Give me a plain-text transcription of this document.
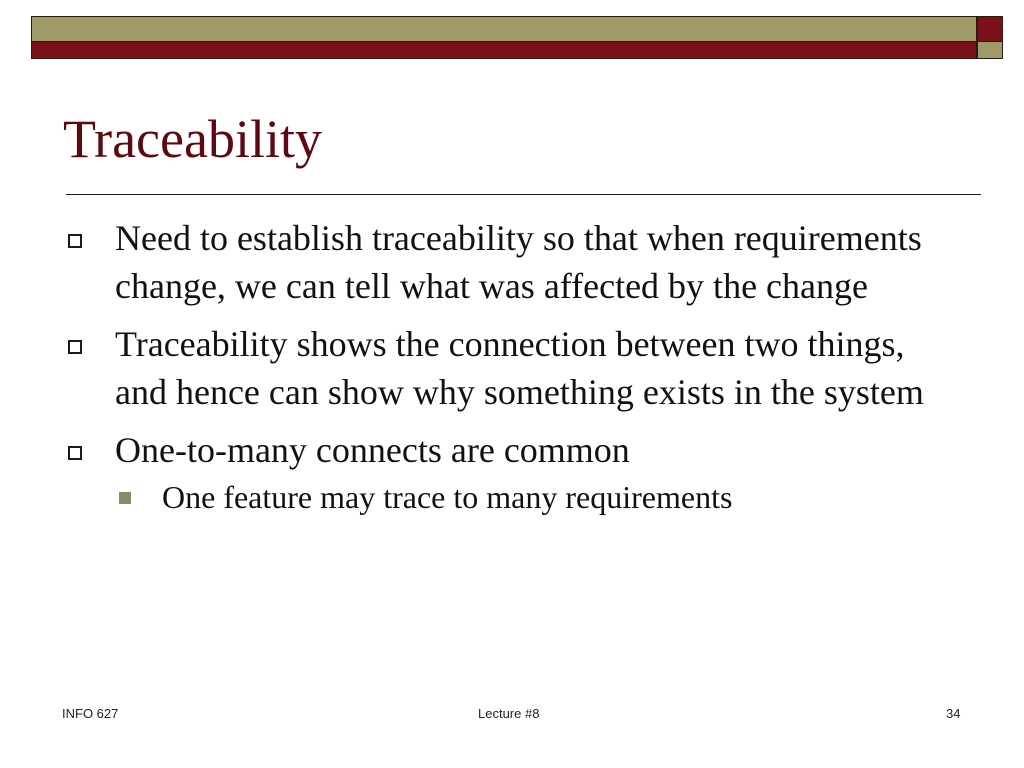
Traceability
Need to establish traceability so that when requirements change, we can tell what was affected by the change
Traceability shows the connection between two things, and hence can show why something exists in the system
One-to-many connects are common
One feature may trace to many requirements
INFO 627	Lecture #8	34
